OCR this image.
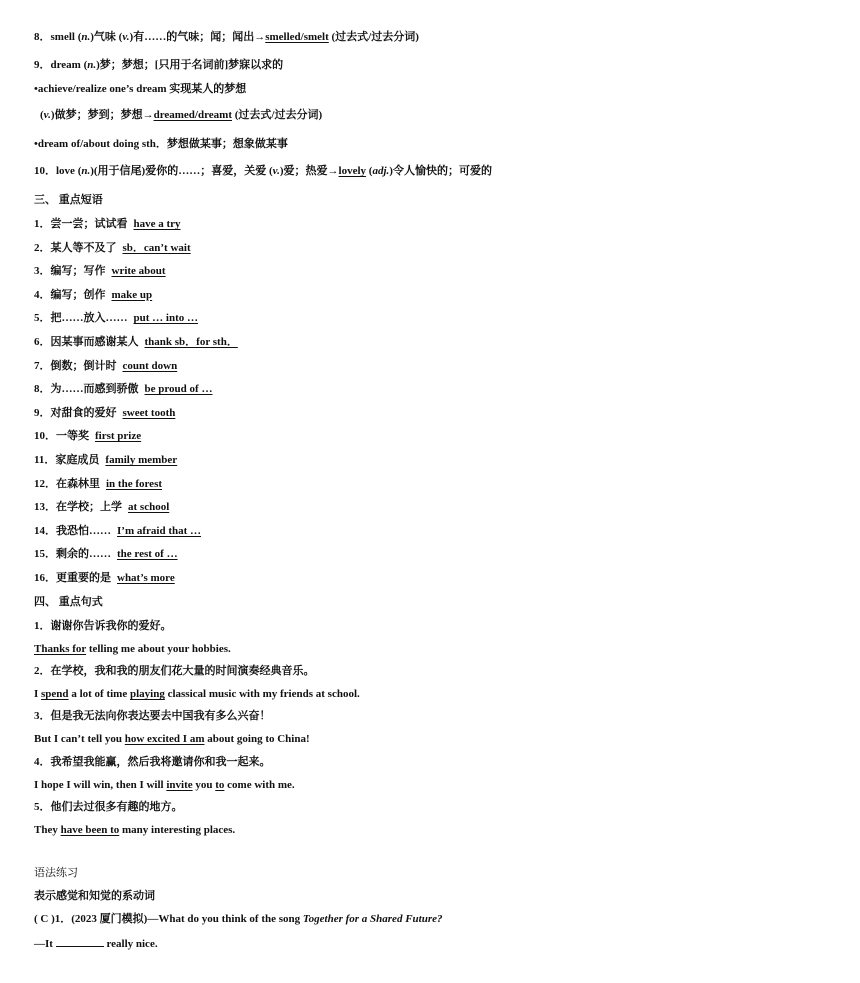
8．smell (n.)气味 (v.)有……的气味；闻；闻出→smelled/smelt (过去式/过去分词)
9．dream (n.)梦；梦想；[只用于名词前]梦寐以求的
•achieve/realize one’s dream 实现某人的梦想
(v.)做梦；梦到；梦想→dreamed/dreamt (过去式/过去分词)
•dream of/about doing sth．梦想做某事；想象做某事
10．love (n.)(用于信尾)爱你的……；喜爱，关爱 (v.)爱；热爱→lovely (adj.)令人愉快的；可爱的
三、 重点短语
1．尝一尝；试试看 have a try
2．某人等不及了 sb．can’t wait
3．编写；写作 write about
4．编写；创作 make up
5．把……放入…… put … into …
6．因某事而感谢某人 thank sb．for sth．
7．倒数；倒计时 count down
8．为……而感到骄傲 be proud of …
9．对甜食的爱好 sweet tooth
10．一等奖 first prize
11．家庭成员 family member
12．在森林里 in the forest
13．在学校；上学 at school
14．我恐怕…… I’m afraid that …
15．剩余的…… the rest of …
16．更重要的是 what’s more
四、 重点句式
1．谢谢你告诉我你的爱好。
Thanks for telling me about your hobbies.
2．在学校，我和我的朋友们花大量的时间演奏经典音乐。
I spend a lot of time playing classical music with my friends at school.
3．但是我无法向你表达要去中国我有多么兴奋！
But I can’t tell you how excited I am about going to China!
4．我希望我能赢，然后我将邀请你和我一起来。
I hope I will win, then I will invite you to come with me.
5．他们去过很多有趣的地方。
They have been to many interesting places.
语法练习
表示感觉和知觉的系动词
( C )1．(2023 厦门模拟)—What do you think of the song Together for a Shared Future?
—It	really nice.
